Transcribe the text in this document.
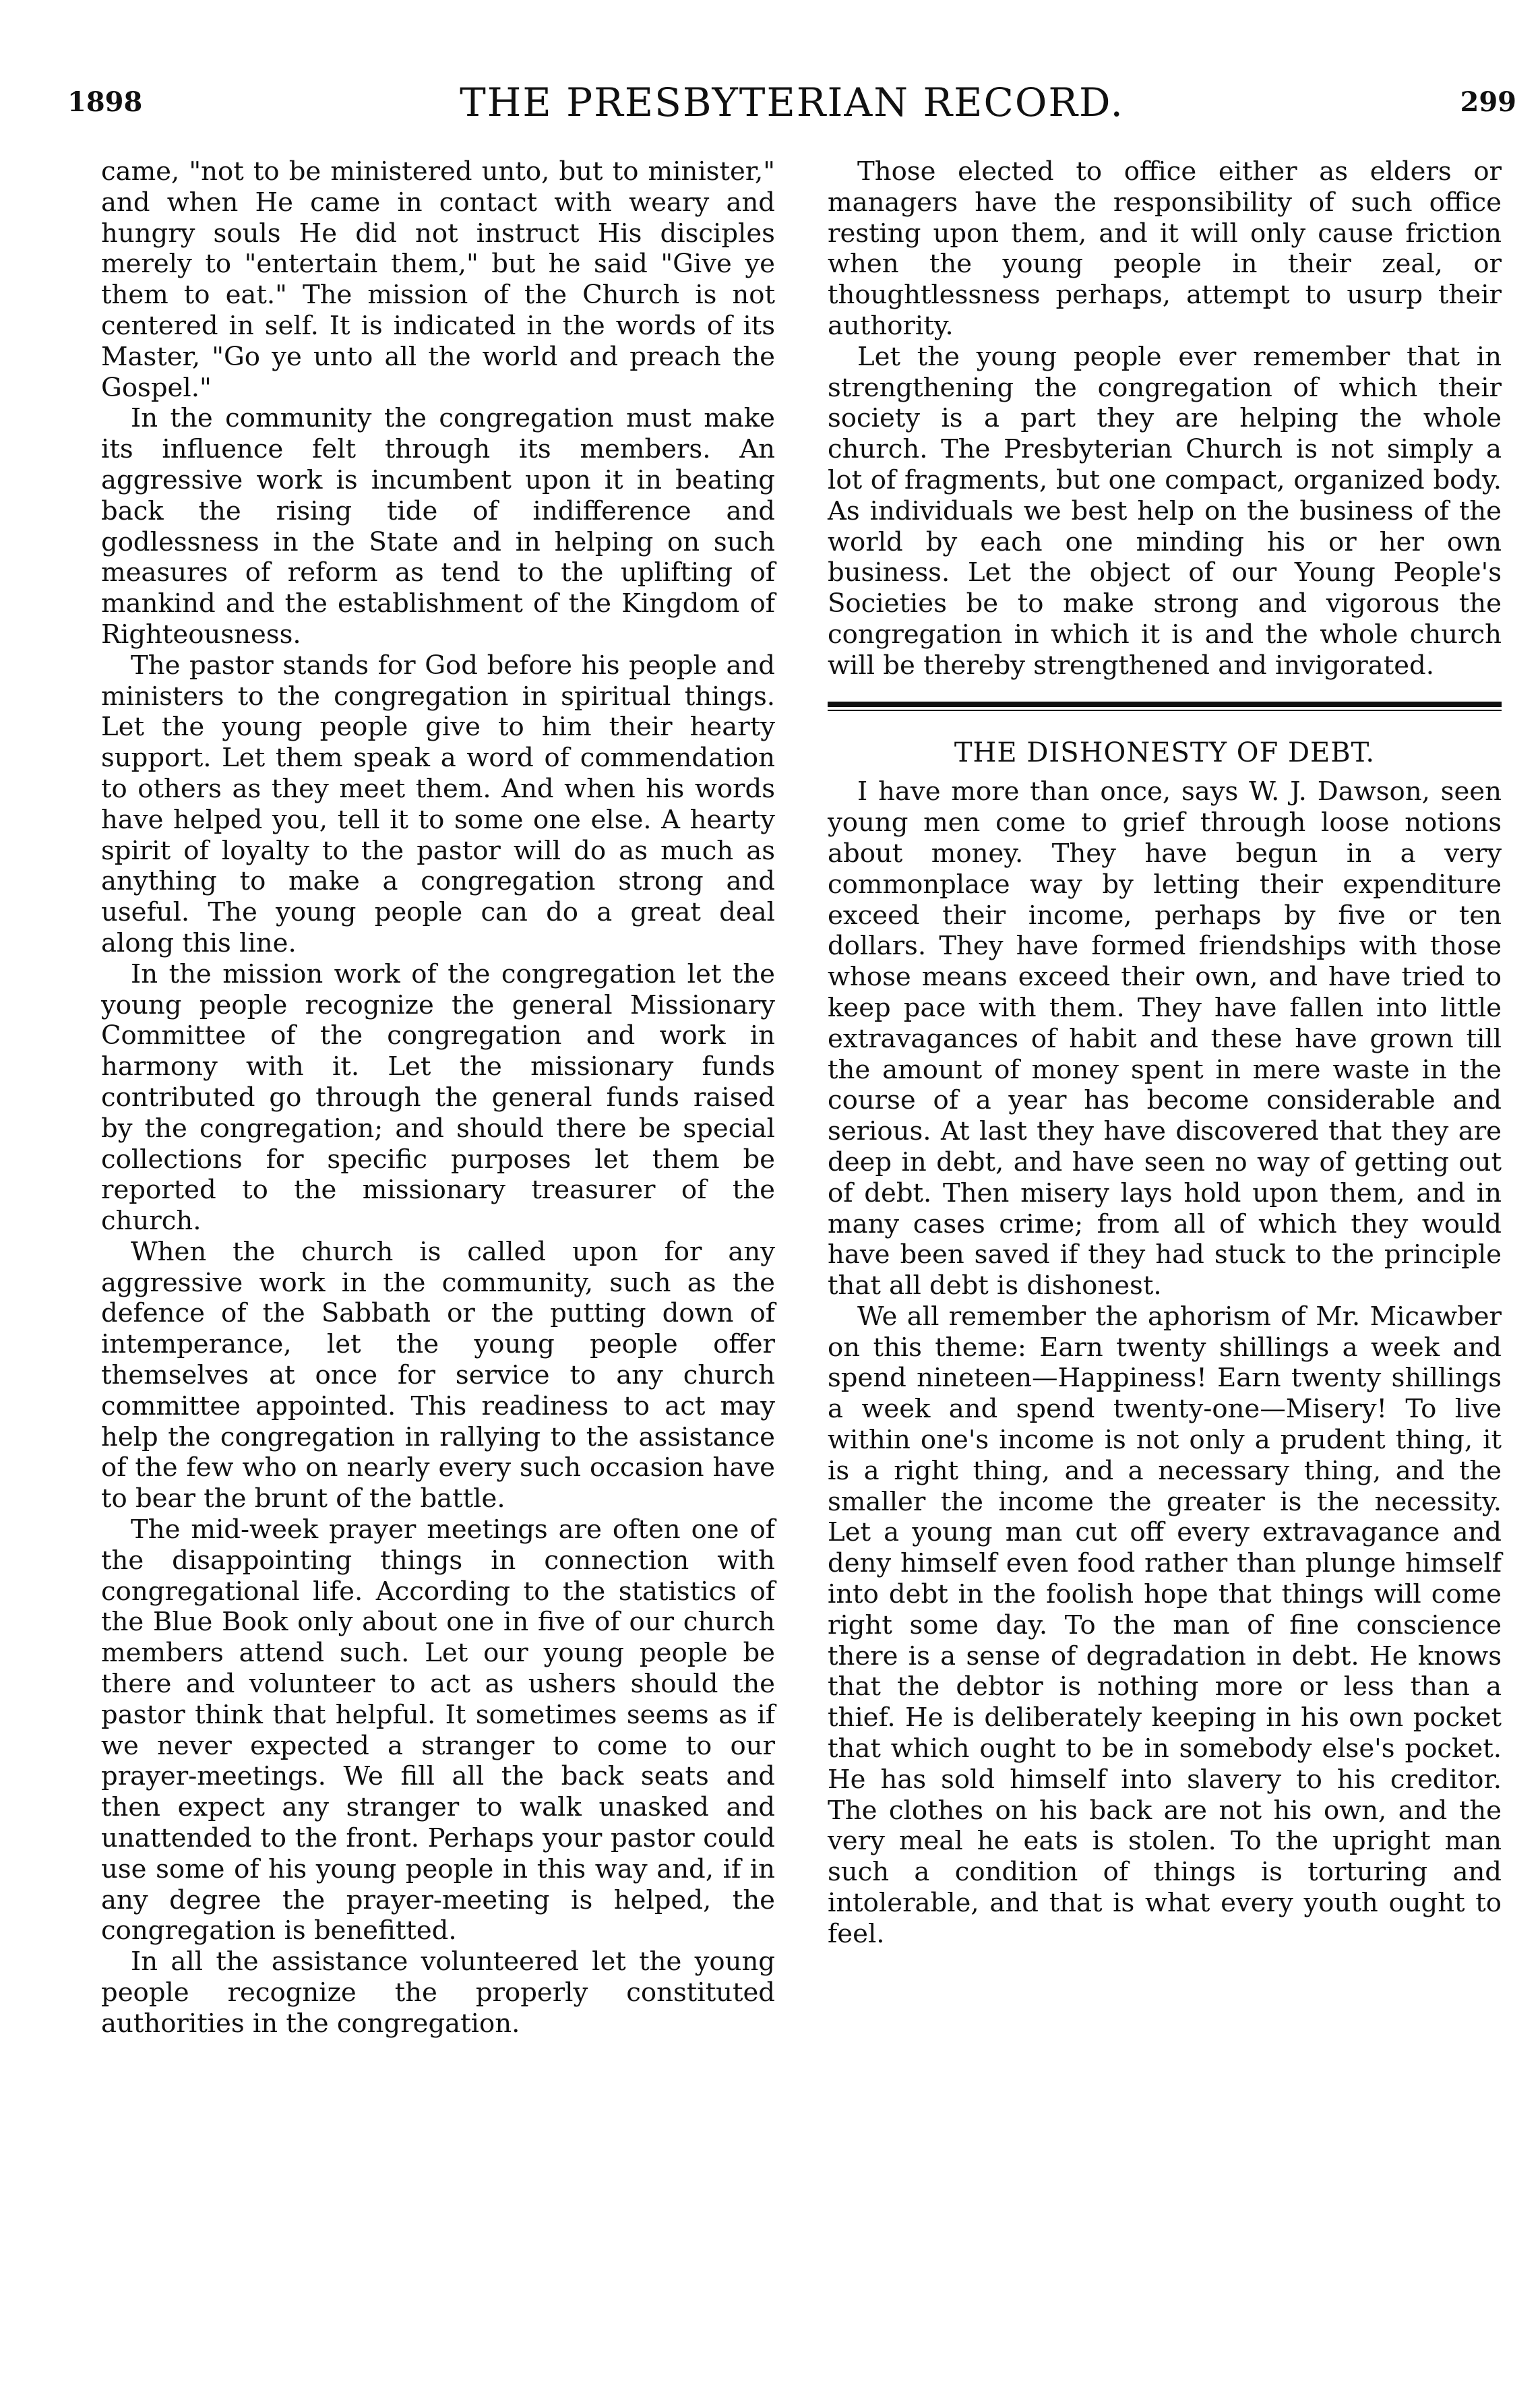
1898	THE PRESBYTERIAN RECORD.	299

came, "not to be ministered unto, but to minister," and when He came in contact with weary and hungry souls He did not instruct His disciples merely to "entertain them," but he said "Give ye them to eat." The mission of the Church is not centered in self. It is indicated in the words of its Master, "Go ye unto all the world and preach the Gospel."

In the community the congregation must make its influence felt through its members. An aggressive work is incumbent upon it in beating back the rising tide of indifference and godlessness in the State and in helping on such measures of reform as tend to the uplifting of mankind and the establishment of the Kingdom of Righteousness.

The pastor stands for God before his people and ministers to the congregation in spiritual things. Let the young people give to him their hearty support. Let them speak a word of commendation to others as they meet them. And when his words have helped you, tell it to some one else. A hearty spirit of loyalty to the pastor will do as much as anything to make a congregation strong and useful. The young people can do a great deal along this line.

In the mission work of the congregation let the young people recognize the general Missionary Committee of the congregation and work in harmony with it. Let the missionary funds contributed go through the general funds raised by the congregation; and should there be special collections for specific purposes let them be reported to the missionary treasurer of the church.

When the church is called upon for any aggressive work in the community, such as the defence of the Sabbath or the putting down of intemperance, let the young people offer themselves at once for service to any church committee appointed. This readiness to act may help the congregation in rallying to the assistance of the few who on nearly every such occasion have to bear the brunt of the battle.

The mid-week prayer meetings are often one of the disappointing things in connection with congregational life. According to the statistics of the Blue Book only about one in five of our church members attend such. Let our young people be there and volunteer to act as ushers should the pastor think that helpful. It sometimes seems as if we never expected a stranger to come to our prayer-meetings. We fill all the back seats and then expect any stranger to walk unasked and unattended to the front. Perhaps your pastor could use some of his young people in this way and, if in any degree the prayer-meeting is helped, the congregation is benefitted.

In all the assistance volunteered let the young people recognize the properly constituted authorities in the congregation.

Those elected to office either as elders or managers have the responsibility of such office resting upon them, and it will only cause friction when the young people in their zeal, or thoughtlessness perhaps, attempt to usurp their authority.

Let the young people ever remember that in strengthening the congregation of which their society is a part they are helping the whole church. The Presbyterian Church is not simply a lot of fragments, but one compact, organized body. As individuals we best help on the business of the world by each one minding his or her own business. Let the object of our Young People's Societies be to make strong and vigorous the congregation in which it is and the whole church will be thereby strengthened and invigorated.

THE DISHONESTY OF DEBT.

I have more than once, says W. J. Dawson, seen young men come to grief through loose notions about money. They have begun in a very commonplace way by letting their expenditure exceed their income, perhaps by five or ten dollars. They have formed friendships with those whose means exceed their own, and have tried to keep pace with them. They have fallen into little extravagances of habit and these have grown till the amount of money spent in mere waste in the course of a year has become considerable and serious. At last they have discovered that they are deep in debt, and have seen no way of getting out of debt. Then misery lays hold upon them, and in many cases crime; from all of which they would have been saved if they had stuck to the principle that all debt is dishonest.

We all remember the aphorism of Mr. Micawber on this theme: Earn twenty shillings a week and spend nineteen—Happiness! Earn twenty shillings a week and spend twenty-one—Misery! To live within one's income is not only a prudent thing, it is a right thing, and a necessary thing, and the smaller the income the greater is the necessity. Let a young man cut off every extravagance and deny himself even food rather than plunge himself into debt in the foolish hope that things will come right some day. To the man of fine conscience there is a sense of degradation in debt. He knows that the debtor is nothing more or less than a thief. He is deliberately keeping in his own pocket that which ought to be in somebody else's pocket. He has sold himself into slavery to his creditor. The clothes on his back are not his own, and the very meal he eats is stolen. To the upright man such a condition of things is torturing and intolerable, and that is what every youth ought to feel.
